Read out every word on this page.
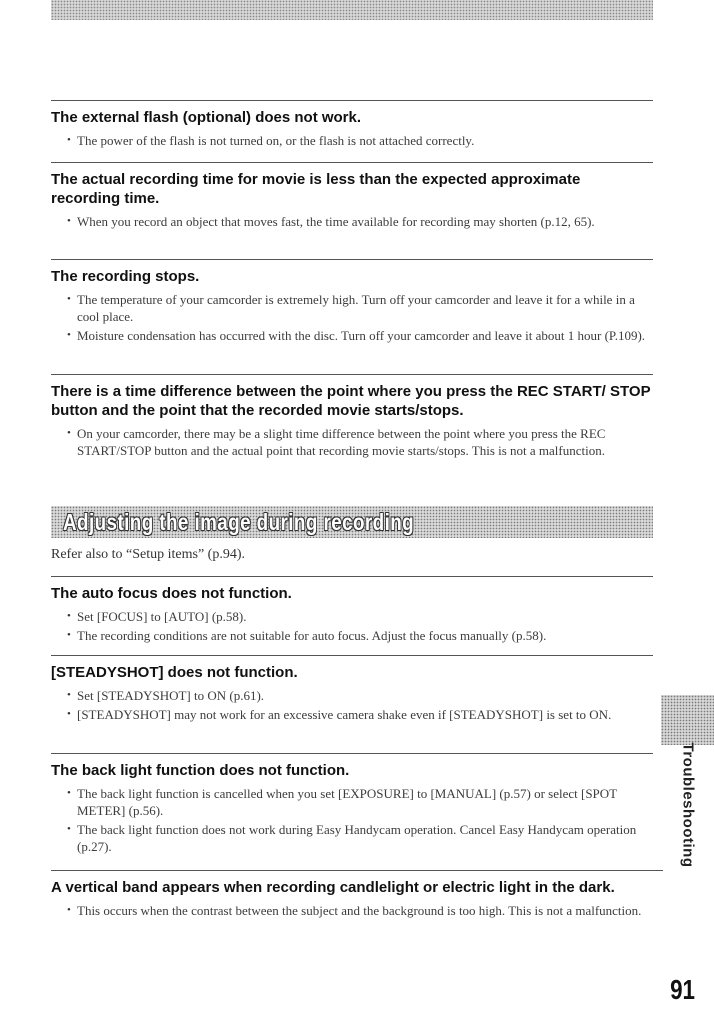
The external flash (optional) does not work.
• The power of the flash is not turned on, or the flash is not attached correctly.
The actual recording time for movie is less than the expected approximate recording time.
• When you record an object that moves fast, the time available for recording may shorten (p.12, 65).
The recording stops.
• The temperature of your camcorder is extremely high. Turn off your camcorder and leave it for a while in a cool place.
• Moisture condensation has occurred with the disc. Turn off your camcorder and leave it about 1 hour (P.109).
There is a time difference between the point where you press the REC START/ STOP button and the point that the recorded movie starts/stops.
• On your camcorder, there may be a slight time difference between the point where you press the REC START/STOP button and the actual point that recording movie starts/stops. This is not a malfunction.
Adjusting the image during recording
Refer also to “Setup items” (p.94).
The auto focus does not function.
• Set [FOCUS] to [AUTO] (p.58).
• The recording conditions are not suitable for auto focus. Adjust the focus manually (p.58).
[STEADYSHOT] does not function.
• Set [STEADYSHOT] to ON (p.61).
• [STEADYSHOT] may not work for an excessive camera shake even if [STEADYSHOT] is set to ON.
The back light function does not function.
• The back light function is cancelled when you set [EXPOSURE] to [MANUAL] (p.57) or select [SPOT METER] (p.56).
• The back light function does not work during Easy Handycam operation. Cancel Easy Handycam operation (p.27).
A vertical band appears when recording candlelight or electric light in the dark.
• This occurs when the contrast between the subject and the background is too high. This is not a malfunction.
Troubleshooting
91
